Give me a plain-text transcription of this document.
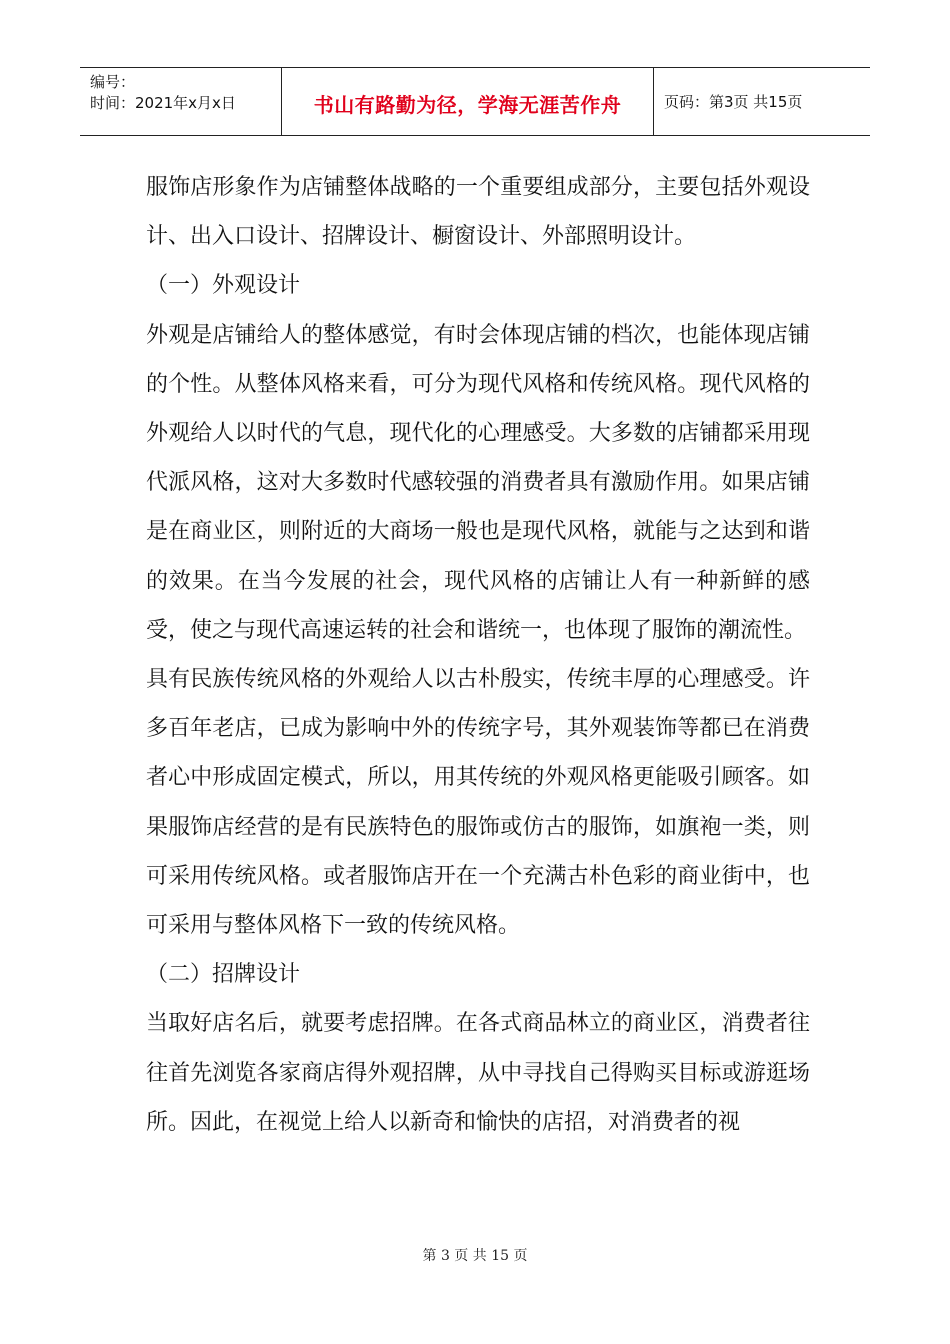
编号：
时间：2021年x月x日	书山有路勤为径，学海无涯苦作舟	页码：第3页 共15页

服饰店形象作为店铺整体战略的一个重要组成部分，主要包括外观设计、出入口设计、招牌设计、橱窗设计、外部照明设计。

（一）外观设计

外观是店铺给人的整体感觉，有时会体现店铺的档次，也能体现店铺的个性。从整体风格来看，可分为现代风格和传统风格。现代风格的外观给人以时代的气息，现代化的心理感受。大多数的店铺都采用现代派风格，这对大多数时代感较强的消费者具有激励作用。如果店铺是在商业区，则附近的大商场一般也是现代风格，就能与之达到和谐的效果。在当今发展的社会，现代风格的店铺让人有一种新鲜的感受，使之与现代高速运转的社会和谐统一，也体现了服饰的潮流性。

具有民族传统风格的外观给人以古朴殷实，传统丰厚的心理感受。许多百年老店，已成为影响中外的传统字号，其外观装饰等都已在消费者心中形成固定模式，所以，用其传统的外观风格更能吸引顾客。如果服饰店经营的是有民族特色的服饰或仿古的服饰，如旗袍一类，则可采用传统风格。或者服饰店开在一个充满古朴色彩的商业街中，也可采用与整体风格下一致的传统风格。

（二）招牌设计

当取好店名后，就要考虑招牌。在各式商品林立的商业区，消费者往往首先浏览各家商店得外观招牌，从中寻找自己得购买目标或游逛场所。因此，在视觉上给人以新奇和愉快的店招，对消费者的视

第 3 页 共 15 页
